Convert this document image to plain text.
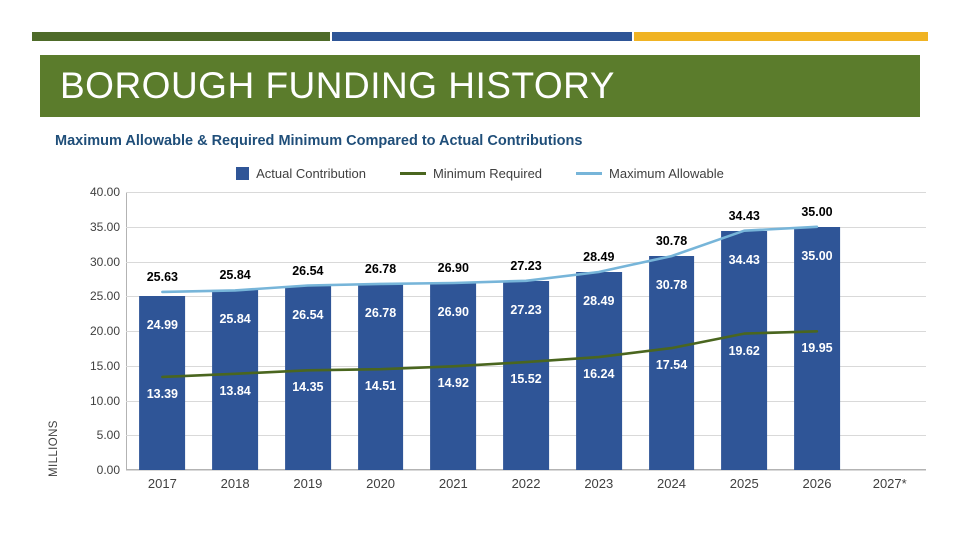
BOROUGH FUNDING HISTORY
Maximum Allowable & Required Minimum Compared to Actual Contributions
Actual Contribution	Minimum Required	Maximum Allowable
MILLIONS
40.00
35.00
30.00
25.00
20.00
15.00
10.00
5.00
0.00
24.99
25.63
13.39
25.84
25.84
13.84
26.54
26.54
14.35
26.78
26.78
14.51
26.90
26.90
14.92
27.23
27.23
15.52
28.49
28.49
16.24
30.78
30.78
17.54
34.43
34.43
19.62
35.00
35.00
19.95
2017	2018	2019	2020	2021	2022	2023	2024	2025	2026	2027*
